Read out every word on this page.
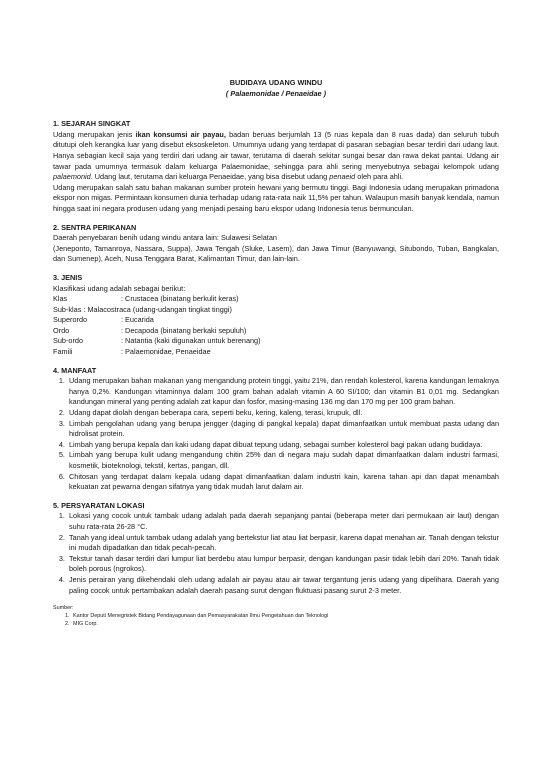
BUDIDAYA UDANG WINDU
( Palaemonidae / Penaeidae )
1. SEJARAH SINGKAT

Udang merupakan jenis ikan konsumsi air payau, badan beruas berjumlah 13 (5 ruas kepala dan 8 ruas dada) dan seluruh tubuh ditutupi oleh kerangka luar yang disebut eksoskeleton. Umumnya udang yang terdapat di pasaran sebagian besar terdiri dari udang laut. Hanya sebagian kecil saja yang terdiri dari udang air tawar, terutama di daerah sekitar sungai besar dan rawa dekat pantai. Udang air tawar pada umumnya termasuk dalam keluarga Palaemonidae, sehingga para ahli sering menyebutnya sebagai kelompok udang palaemonid. Udang laut, terutama dari keluarga Penaeidae, yang bisa disebut udang penaeid oleh para ahli.

Udang merupakan salah satu bahan makanan sumber protein hewani yang bermutu tinggi. Bagi Indonesia udang merupakan primadona ekspor non migas. Permintaan konsumen dunia terhadap udang rata-rata naik 11,5% per tahun. Walaupun masih banyak kendala, namun hingga saat ini negara produsen udang yang menjadi pesaing baru ekspor udang Indonesia terus bermunculan.

2. SENTRA PERIKANAN

Daerah penyebaran benih udang windu antara lain: Sulawesi Selatan

(Jeneponto, Tamanroya, Nassara, Suppa), Jawa Tengah (Sluke, Lasem), dan Jawa Timur (Banyuwangi, Situbondo, Tuban, Bangkalan, dan Sumenep), Aceh, Nusa Tenggara Barat, Kalimantan Timur, dan lain-lain.

3. JENIS
Klasifikasi udang adalah sebagai berikut:
Klas	: Crustacea (binatang berkulit keras)
Sub-klas : Malacostraca (udang-udangan tingkat tinggi)
Superordo	: Eucarida
Ordo	: Decapoda (binatang berkaki sepuluh)
Sub-ordo	: Natantia (kaki digunakan untuk berenang)
Famili	: Palaemonidae, Penaeidae
4. MANFAAT
1. Udang merupakan bahan makanan yang mengandung protein tinggi, yaitu 21%, dan rendah kolesterol, karena kandungan lemaknya hanya 0,2%. Kandungan vitaminnya dalam 100 gram bahan adalah vitamin A 60 SI/100; dan vitamin B1 0,01 mg. Sedangkan kandungan mineral yang penting adalah zat kapur dan fosfor, masing-masing 136 mg dan 170 mg per 100 gram bahan.
2. Udang dapat diolah dengan beberapa cara, seperti beku, kering, kaleng, terasi, krupuk, dll.
3. Limbah pengolahan udang yang berupa jengger (daging di pangkal kepala) dapat dimanfaatkan untuk membuat pasta udang dan hidrolisat protein.
4. Limbah yang berupa kepala dan kaki udang dapat dibuat tepung udang, sebagai sumber kolesterol bagi pakan udang budidaya.
5. Limbah yang berupa kulit udang mengandung chitin 25% dan di negara maju sudah dapat dimanfaatkan dalam industri farmasi, kosmetik, bioteknologi, tekstil, kertas, pangan, dll.
6. Chitosan yang terdapat dalam kepala udang dapat dimanfaatkan dalam industri kain, karena tahan api dan dapat menambah kekuatan zat pewarna dengan sifatnya yang tidak mudah larut dalam air.
5. PERSYARATAN LOKASI
1. Lokasi yang cocok untuk tambak udang adalah pada daerah sepanjang pantai (beberapa meter dari permukaan air laut) dengan suhu rata-rata 26-28 °C.
2. Tanah yang ideal untuk tambak udang adalah yang bertekstur liat atau liat berpasir, karena dapat menahan air. Tanah dengan tekstur ini mudah dipadatkan dan tidak pecah-pecah.
3. Tekstur tanah dasar terdiri dari lumpur liat berdebu atau lumpur berpasir, dengan kandungan pasir tidak lebih dari 20%. Tanah tidak boleh porous (ngrokos).
4. Jenis perairan yang dikehendaki oleh udang adalah air payau atau air tawar tergantung jenis udang yang dipelihara. Daerah yang paling cocok untuk pertambakan adalah daerah pasang surut dengan fluktuasi pasang surut 2-3 meter.
Sumber:
1. Kantor Deputi Menegristek Bidang Pendayagunaan dan Pemasyarakatan Ilmu Pengetahuan dan Teknologi
2. MIG Corp.
